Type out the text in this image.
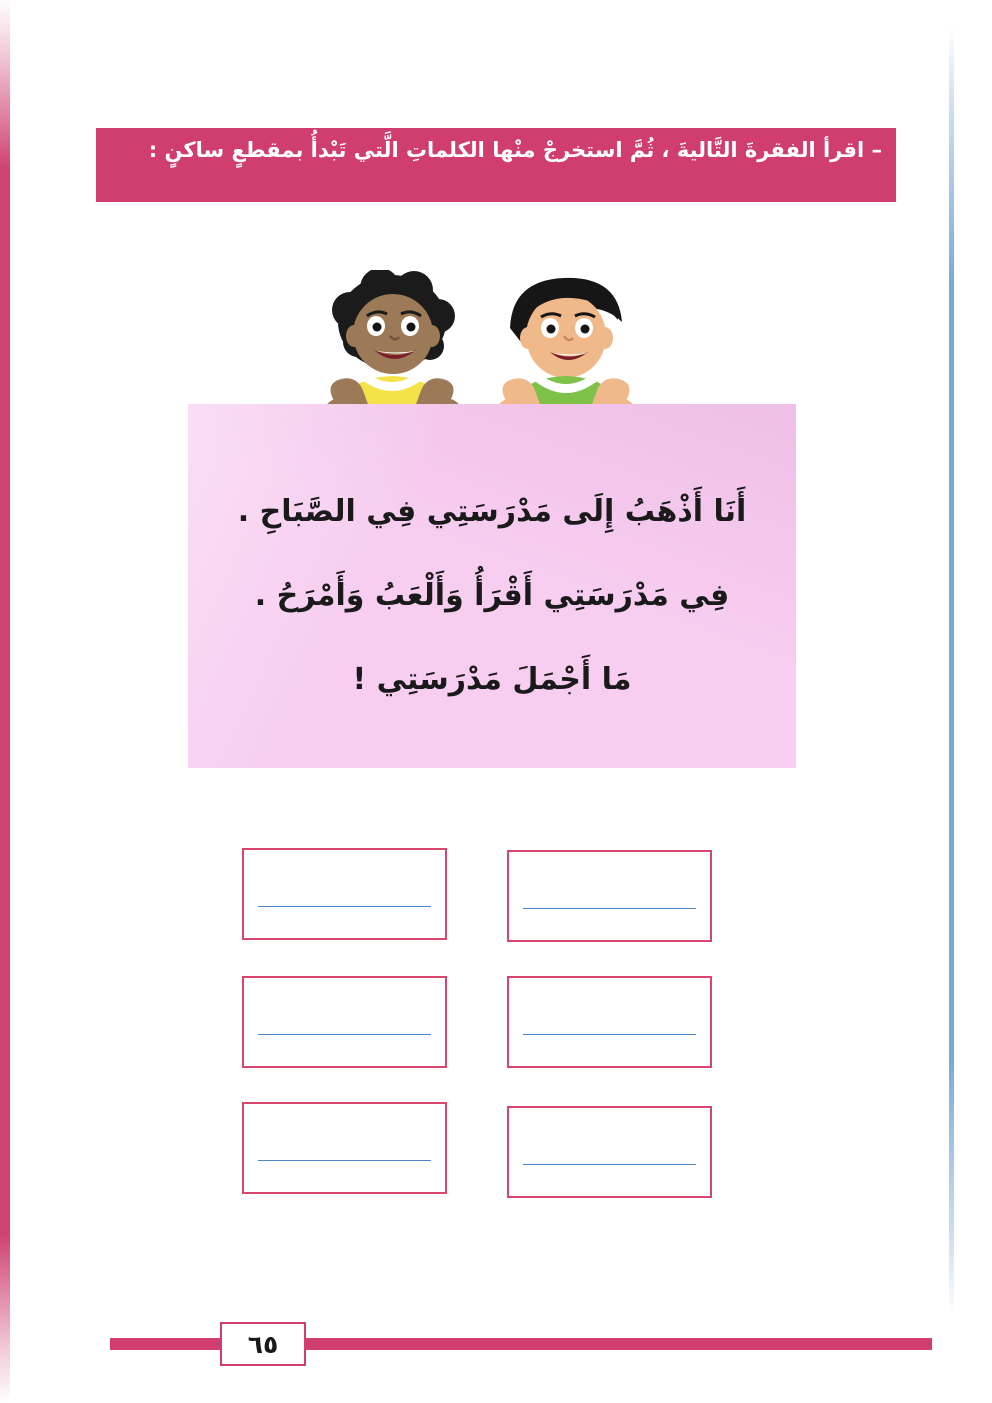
– اقرأ الفقرةَ التَّاليةَ ، ثُمَّ استخرجْ منْها الكلماتِ الَّتي تَبْدأُ بمقطعٍ ساكنٍ :
أَنَا أَذْهَبُ إِلَى مَدْرَسَتِي فِي الصَّبَاحِ .
فِي مَدْرَسَتِي أَقْرَأُ وَأَلْعَبُ وَأَمْرَحُ .
مَا أَجْمَلَ مَدْرَسَتِي !
٦٥
